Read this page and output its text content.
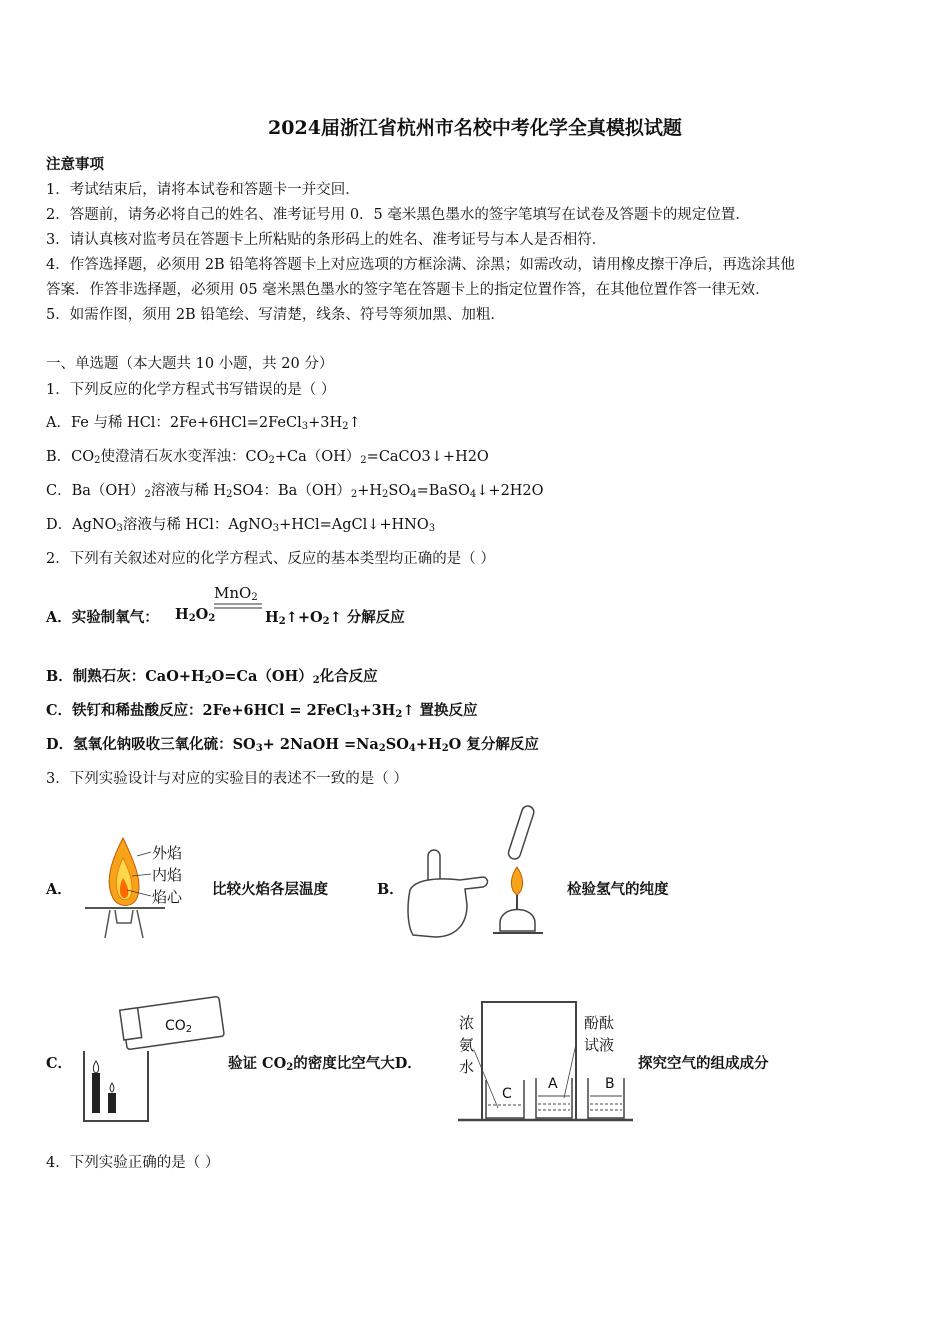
2024届浙江省杭州市名校中考化学全真模拟试题
注意事项
1．考试结束后，请将本试卷和答题卡一并交回．
2．答题前，请务必将自己的姓名、准考证号用 0．5 毫米黑色墨水的签字笔填写在试卷及答题卡的规定位置．
3．请认真核对监考员在答题卡上所粘贴的条形码上的姓名、准考证号与本人是否相符．
4．作答选择题，必须用 2B 铅笔将答题卡上对应选项的方框涂满、涂黑；如需改动，请用橡皮擦干净后，再选涂其他
答案．作答非选择题，必须用 05 毫米黑色墨水的签字笔在答题卡上的指定位置作答，在其他位置作答一律无效．
5．如需作图，须用 2B 铅笔绘、写清楚，线条、符号等须加黑、加粗．
一、单选题（本大题共 10 小题，共 20 分）
1．下列反应的化学方程式书写错误的是（ ）
A．Fe 与稀 HCl：$2Fe+6HCl=2FeCl_3+3H_2↑$
B．$CO_2$使澄清石灰水变浑浊：$CO_2+Ca(OH)_2=CaCO3↓+H2O$
C．$Ba(OH)_2$溶液与稀 $H_2SO4$：$Ba(OH)_2+H_2SO_4=BaSO_4↓+2H2O$
D．AgNO$_3$溶液与稀 HCl：$AgNO_3+HCl=AgCl↓+HNO_3$
2．下列有关叙述对应的化学方程式、反应的基本类型均正确的是（ ）
A．实验制氧气： $H_2O_2$
MnO$_2$
$H_2↑+O_2↑$ 分解反应
B．制熟石灰：$CaO+H_2O=Ca(OH)_2$化合反应
C．铁钉和稀盐酸反应：$2Fe+6HCl = 2FeCl_3+3H_2↑$ 置换反应
D．氢氧化钠吸收三氧化硫：$SO_3+$ 2NaOH $=Na_2SO_4+H_2O$ 复分解反应
3．下列实验设计与对应的实验目的表述不一致的是（ ）
A．
外焰
内焰
焰心 比较火焰各层温度	B．	检验氢气的纯度
C．
$CO_2$
验证 $CO_2$的密度比空气大D．
浓
氨
水
酚酞
试液
A	B
C
探究空气的组成成分
4．下列实验正确的是（ ）
